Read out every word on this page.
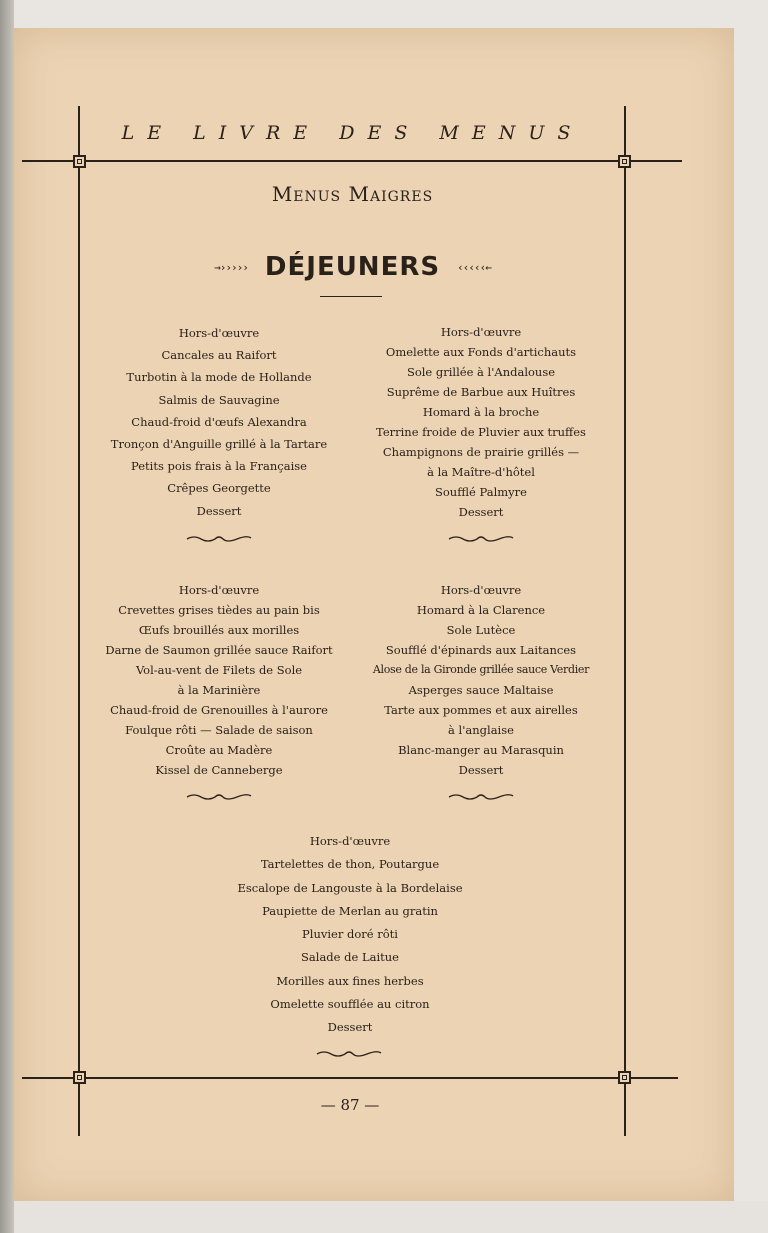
LE LIVRE DES MENUS
Menus Maigres
→››››› DÉJEUNERS ‹‹‹‹‹←
Hors-d'œuvre
Cancales au Raifort
Turbotin à la mode de Hollande
Salmis de Sauvagine
Chaud-froid d'œufs Alexandra
Tronçon d'Anguille grillé à la Tartare
Petits pois frais à la Française
Crêpes Georgette
Dessert
Hors-d'œuvre
Omelette aux Fonds d'artichauts
Sole grillée à l'Andalouse
Suprême de Barbue aux Huîtres
Homard à la broche
Terrine froide de Pluvier aux truffes
Champignons de prairie grillés —
à la Maître-d'hôtel
Soufflé Palmyre
Dessert
Hors-d'œuvre
Crevettes grises tièdes au pain bis
Œufs brouillés aux morilles
Darne de Saumon grillée sauce Raifort
Vol-au-vent de Filets de Sole
à la Marinière
Chaud-froid de Grenouilles à l'aurore
Foulque rôti — Salade de saison
Croûte au Madère
Kissel de Canneberge
Hors-d'œuvre
Homard à la Clarence
Sole Lutèce
Soufflé d'épinards aux Laitances
Alose de la Gironde grillée sauce Verdier
Asperges sauce Maltaise
Tarte aux pommes et aux airelles
à l'anglaise
Blanc-manger au Marasquin
Dessert
Hors-d'œuvre
Tartelettes de thon, Poutargue
Escalope de Langouste à la Bordelaise
Paupiette de Merlan au gratin
Pluvier doré rôti
Salade de Laitue
Morilles aux fines herbes
Omelette soufflée au citron
Dessert
— 87 —
